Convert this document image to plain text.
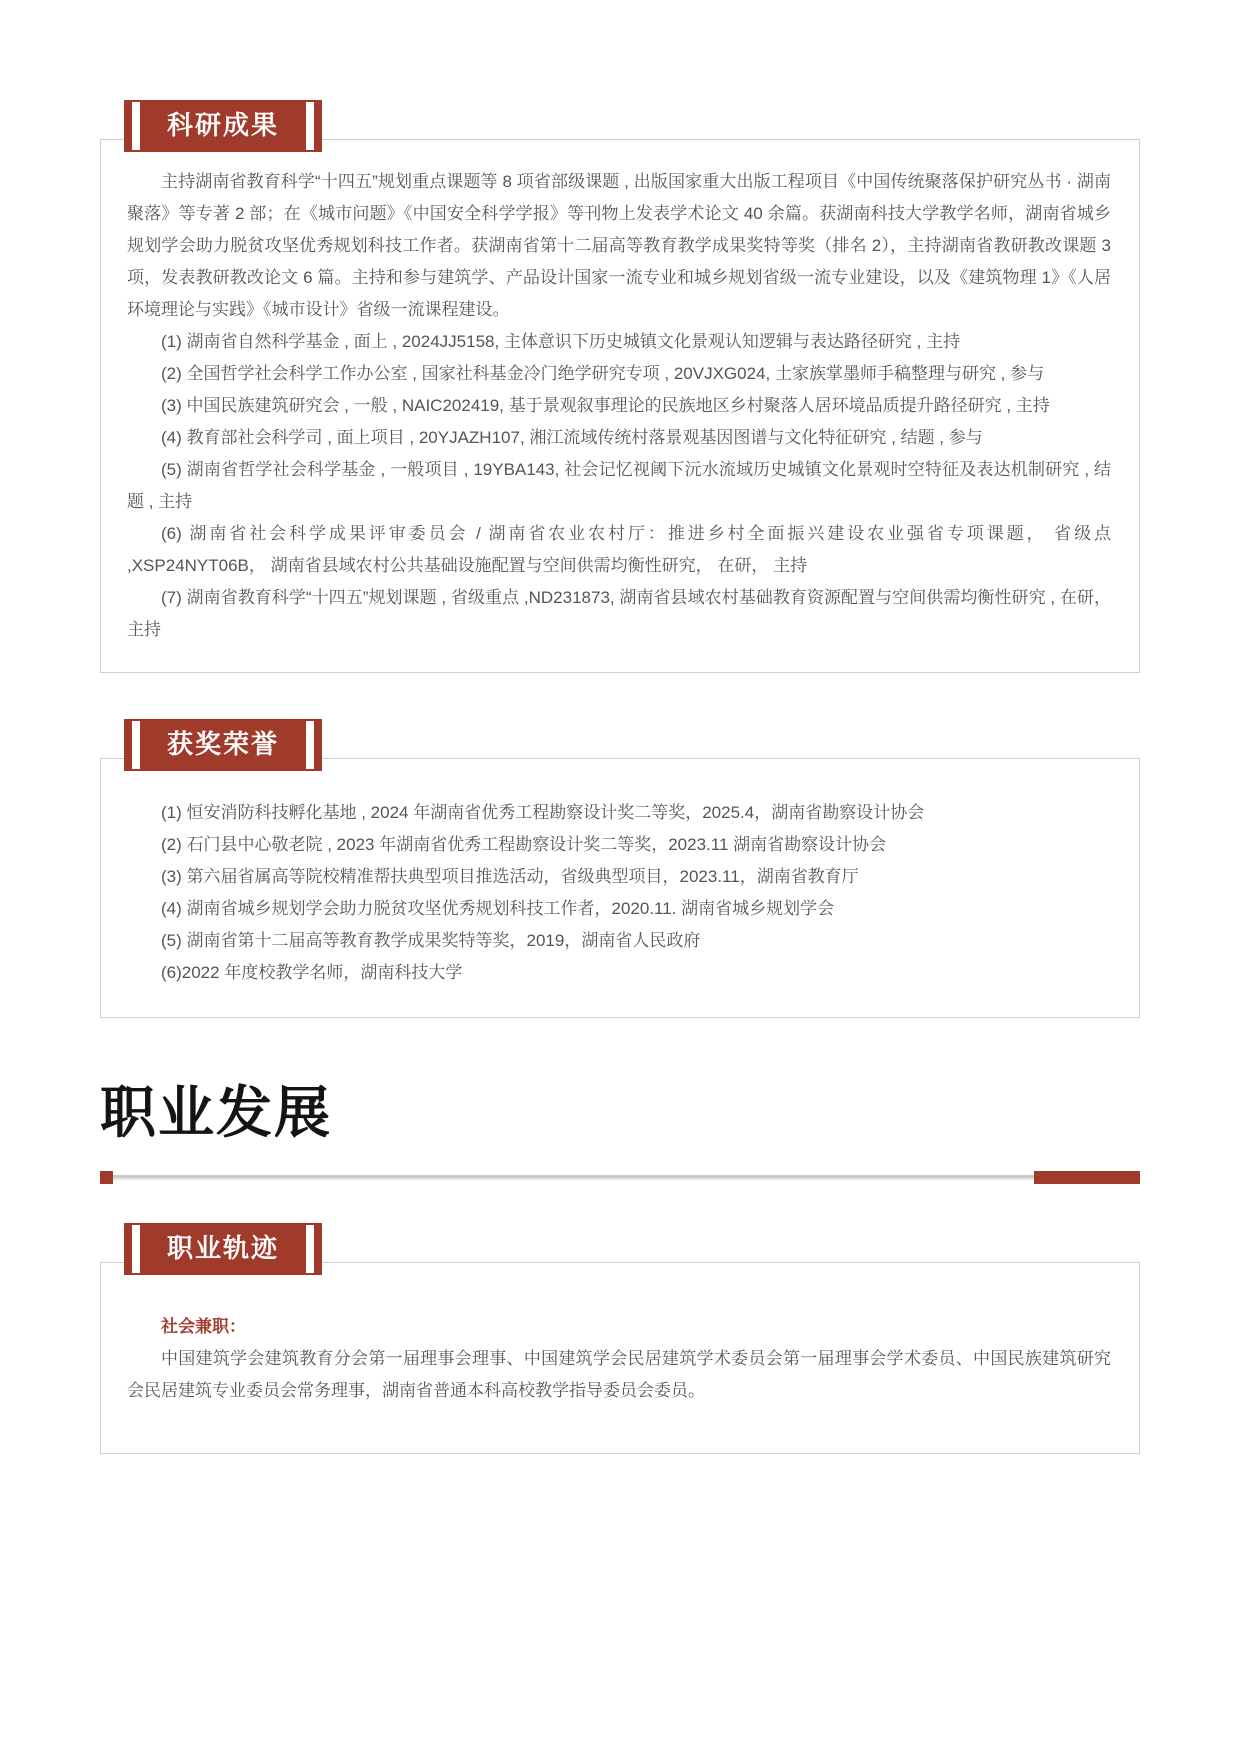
科研成果

主持湖南省教育科学“十四五”规划重点课题等 8 项省部级课题 , 出版国家重大出版工程项目《中国传统聚落保护研究丛书 · 湖南聚落》等专著 2 部；在《城市问题》《中国安全科学学报》等刊物上发表学术论文 40 余篇。获湖南科技大学教学名师，湖南省城乡规划学会助力脱贫攻坚优秀规划科技工作者。获湖南省第十二届高等教育教学成果奖特等奖（排名 2），主持湖南省教研教改课题 3 项，发表教研教改论文 6 篇。主持和参与建筑学、产品设计国家一流专业和城乡规划省级一流专业建设，以及《建筑物理 1》《人居环境理论与实践》《城市设计》省级一流课程建设。

(1) 湖南省自然科学基金 , 面上 , 2024JJ5158, 主体意识下历史城镇文化景观认知逻辑与表达路径研究 , 主持

(2) 全国哲学社会科学工作办公室 , 国家社科基金冷门绝学研究专项 , 20VJXG024, 土家族掌墨师手稿整理与研究 , 参与

(3) 中国民族建筑研究会 , 一般 , NAIC202419, 基于景观叙事理论的民族地区乡村聚落人居环境品质提升路径研究 , 主持

(4) 教育部社会科学司 , 面上项目 , 20YJAZH107, 湘江流域传统村落景观基因图谱与文化特征研究 , 结题 , 参与

(5) 湖南省哲学社会科学基金 , 一般项目 , 19YBA143, 社会记忆视阈下沅水流域历史城镇文化景观时空特征及表达机制研究 , 结题 , 主持

(6) 湖南省社会科学成果评审委员会 / 湖南省农业农村厅：推进乡村全面振兴建设农业强省专项课题， 省级点 ,XSP24NYT06B， 湖南省县域农村公共基础设施配置与空间供需均衡性研究， 在研， 主持

(7) 湖南省教育科学“十四五”规划课题 , 省级重点 ,ND231873, 湖南省县域农村基础教育资源配置与空间供需均衡性研究 , 在研， 主持

获奖荣誉

(1) 恒安消防科技孵化基地 , 2024 年湖南省优秀工程勘察设计奖二等奖，2025.4，湖南省勘察设计协会

(2) 石门县中心敬老院 , 2023 年湖南省优秀工程勘察设计奖二等奖，2023.11 湖南省勘察设计协会

(3) 第六届省属高等院校精准帮扶典型项目推选活动，省级典型项目，2023.11，湖南省教育厅

(4) 湖南省城乡规划学会助力脱贫攻坚优秀规划科技工作者，2020.11. 湖南省城乡规划学会

(5) 湖南省第十二届高等教育教学成果奖特等奖，2019，湖南省人民政府

(6)2022 年度校教学名师，湖南科技大学

职业发展
职业轨迹

社会兼职：

中国建筑学会建筑教育分会第一届理事会理事、中国建筑学会民居建筑学术委员会第一届理事会学术委员、中国民族建筑研究会民居建筑专业委员会常务理事，湖南省普通本科高校教学指导委员会委员。
